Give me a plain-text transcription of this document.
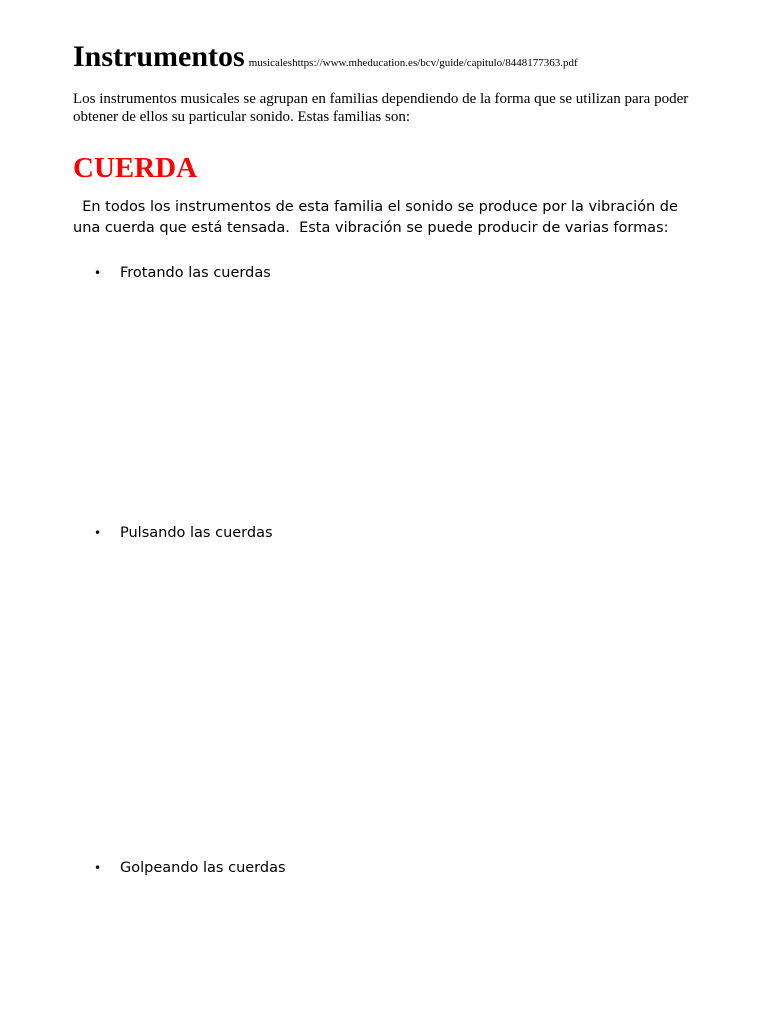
Instrumentos musicaleshttps://www.mheducation.es/bcv/guide/capitulo/8448177363.pdf

Los instrumentos musicales se agrupan en familias dependiendo de la forma que se utilizan para poder obtener de ellos su particular sonido. Estas familias son:

CUERDA

En todos los instrumentos de esta familia el sonido se produce por la vibración de una cuerda que está tensada.  Esta vibración se puede producir de varias formas:

• Frotando las cuerdas
• Pulsando las cuerdas
• Golpeando las cuerdas
